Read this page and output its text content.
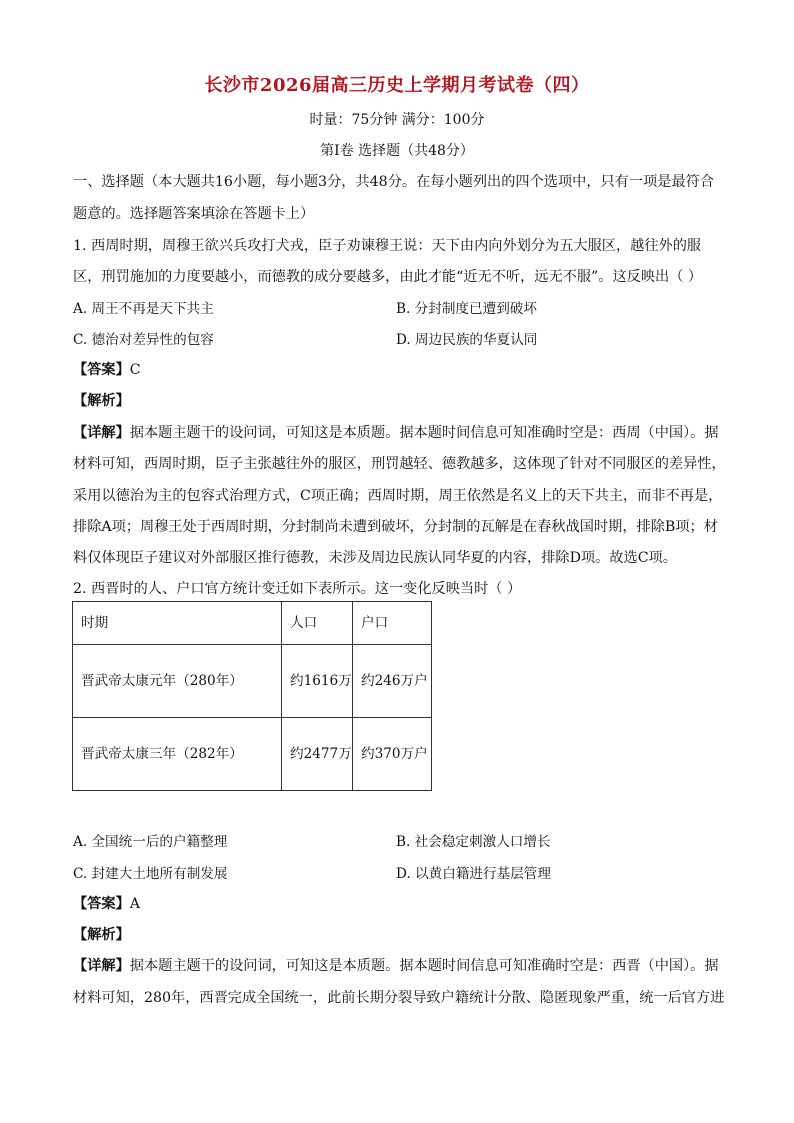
长沙市2026届高三历史上学期月考试卷（四）
时量：75分钟 满分：100分
第Ⅰ卷 选择题（共48分）
一、选择题（本大题共16小题，每小题3分，共48分。在每小题列出的四个选项中，只有一项是最符合
题意的。选择题答案填涂在答题卡上）
1. 西周时期，周穆王欲兴兵攻打犬戎，臣子劝谏穆王说：天下由内向外划分为五大服区，越往外的服
区，刑罚施加的力度要越小，而德教的成分要越多，由此才能“近无不听，远无不服”。这反映出（ ）
A. 周王不再是天下共主	B. 分封制度已遭到破坏
C. 德治对差异性的包容	D. 周边民族的华夏认同
【答案】C
【解析】
【详解】据本题主题干的设问词，可知这是本质题。据本题时间信息可知准确时空是：西周（中国）。据
材料可知，西周时期，臣子主张越往外的服区，刑罚越轻、德教越多，这体现了针对不同服区的差异性，
采用以德治为主的包容式治理方式，C项正确；西周时期，周王依然是名义上的天下共主，而非不再是，
排除A项；周穆王处于西周时期，分封制尚未遭到破坏，分封制的瓦解是在春秋战国时期，排除B项；材
料仅体现臣子建议对外部服区推行德教，未涉及周边民族认同华夏的内容，排除D项。故选C项。
2. 西晋时的人、户口官方统计变迁如下表所示。这一变化反映当时（ ）
时期	人口	户口
晋武帝太康元年（280年）	约1616万	约246万户

晋武帝太康三年（282年）	约2477万	约370万户
A. 全国统一后的户籍整理	B. 社会稳定刺激人口增长
C. 封建大土地所有制发展	D. 以黄白籍进行基层管理
【答案】A
【解析】
【详解】据本题主题干的设问词，可知这是本质题。据本题时间信息可知准确时空是：西晋（中国）。据
材料可知，280年，西晋完成全国统一，此前长期分裂导致户籍统计分散、隐匿现象严重，统一后官方进
